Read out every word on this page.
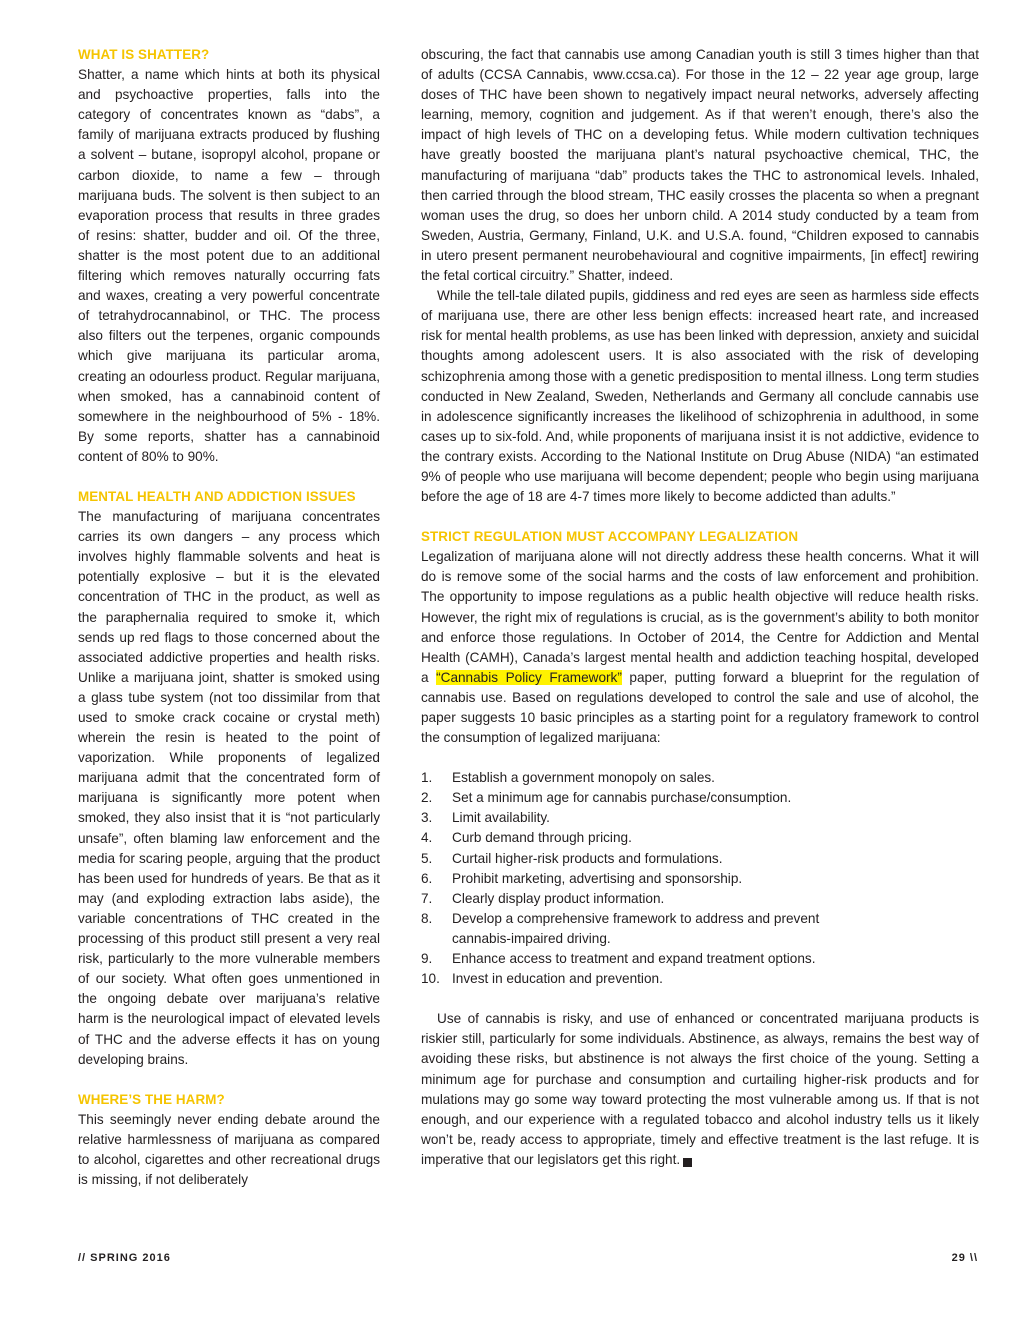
WHAT IS SHATTER?

Shatter, a name which hints at both its physical and psychoactive properties, falls into the category of concentrates known as “dabs”, a family of marijuana extracts produced by flushing a solvent – butane, isopropyl alcohol, propane or carbon dioxide, to name a few – through marijuana buds. The solvent is then subject to an evaporation process that results in three grades of resins: shatter, budder and oil. Of the three, shatter is the most potent due to an additional filtering which removes naturally occurring fats and waxes, creating a very powerful concentrate of tetrahydrocannabinol, or THC. The process also filters out the terpenes, organic compounds which give marijuana its particular aroma, creating an odourless product. Regular marijuana, when smoked, has a cannabinoid content of somewhere in the neighbourhood of 5% - 18%. By some reports, shatter has a cannabinoid content of 80% to 90%.

MENTAL HEALTH AND ADDICTION ISSUES

The manufacturing of marijuana concentrates carries its own dangers – any process which involves highly flammable solvents and heat is potentially explosive – but it is the elevated concentration of THC in the product, as well as the paraphernalia required to smoke it, which sends up red flags to those concerned about the associated addictive properties and health risks. Unlike a marijuana joint, shatter is smoked using a glass tube system (not too dissimilar from that used to smoke crack cocaine or crystal meth) wherein the resin is heated to the point of vaporization. While proponents of legalized marijuana admit that the concentrated form of marijuana is significantly more potent when smoked, they also insist that it is “not particularly unsafe”, often blaming law enforcement and the media for scaring people, arguing that the product has been used for hundreds of years. Be that as it may (and exploding extraction labs aside), the variable concentrations of THC created in the processing of this product still present a very real risk, particularly to the more vulnerable members of our society. What often goes unmentioned in the ongoing debate over marijuana’s relative harm is the neurological impact of elevated levels of THC and the adverse effects it has on young developing brains.

WHERE’S THE HARM?

This seemingly never ending debate around the relative harmlessness of marijuana as compared to alcohol, cigarettes and other recreational drugs is missing, if not deliberately

obscuring, the fact that cannabis use among Canadian youth is still 3 times higher than that of adults (CCSA Cannabis, www.ccsa.ca). For those in the 12 – 22 year age group, large doses of THC have been shown to negatively impact neural networks, adversely affecting learning, memory, cognition and judgement. As if that weren’t enough, there’s also the impact of high levels of THC on a developing fetus. While modern cultivation techniques have greatly boosted the marijuana plant’s natural psychoactive chemical, THC, the manufacturing of marijuana “dab” products takes the THC to astronomical levels. Inhaled, then carried through the blood stream, THC easily crosses the placenta so when a pregnant woman uses the drug, so does her unborn child. A 2014 study conducted by a team from Sweden, Austria, Germany, Finland, U.K. and U.S.A. found, “Children exposed to cannabis in utero present permanent neurobehavioural and cognitive impairments, [in effect] rewiring the fetal cortical circuitry.” Shatter, indeed.

While the tell-tale dilated pupils, giddiness and red eyes are seen as harmless side effects of marijuana use, there are other less benign effects: increased heart rate, and increased risk for mental health problems, as use has been linked with depression, anxiety and suicidal thoughts among adolescent users. It is also associated with the risk of developing schizophrenia among those with a genetic predisposition to mental illness. Long term studies conducted in New Zealand, Sweden, Netherlands and Germany all conclude cannabis use in adolescence significantly increases the likelihood of schizophrenia in adulthood, in some cases up to six-fold. And, while proponents of marijuana insist it is not addictive, evidence to the contrary exists. According to the National Institute on Drug Abuse (NIDA) “an estimated 9% of people who use marijuana will become dependent; people who begin using marijuana before the age of 18 are 4-7 times more likely to become addicted than adults.”

STRICT REGULATION MUST ACCOMPANY LEGALIZATION

Legalization of marijuana alone will not directly address these health concerns. What it will do is remove some of the social harms and the costs of law enforcement and prohibition. The opportunity to impose regulations as a public health objective will reduce health risks. However, the right mix of regulations is crucial, as is the government’s ability to both monitor and enforce those regulations. In October of 2014, the Centre for Addiction and Mental Health (CAMH), Canada’s largest mental health and addiction teaching hospital, developed a “Cannabis Policy Framework” paper, putting forward a blueprint for the regulation of cannabis use. Based on regulations developed to control the sale and use of alcohol, the paper suggests 10 basic principles as a starting point for a regulatory framework to control the consumption of legalized marijuana:

1.	Establish a government monopoly on sales.
2.	Set a minimum age for cannabis purchase/consumption.
3.	Limit availability.
4.	Curb demand through pricing.
5.	Curtail higher-risk products and formulations.
6.	Prohibit marketing, advertising and sponsorship.
7.	Clearly display product information.
8.	Develop a comprehensive framework to address and prevent cannabis-impaired driving.
9.	Enhance access to treatment and expand treatment options.
10. Invest in education and prevention.

Use of cannabis is risky, and use of enhanced or concentrated marijuana products is riskier still, particularly for some individuals. Abstinence, as always, remains the best way of avoiding these risks, but abstinence is not always the first choice of the young. Setting a minimum age for purchase and consumption and curtailing higher-risk products and for mulations may go some way toward protecting the most vulnerable among us. If that is not enough, and our experience with a regulated tobacco and alcohol industry tells us it likely won’t be, ready access to appropriate, timely and effective treatment is the last refuge. It is imperative that our legislators get this right.	P

// SPRING 2016	29 \\
